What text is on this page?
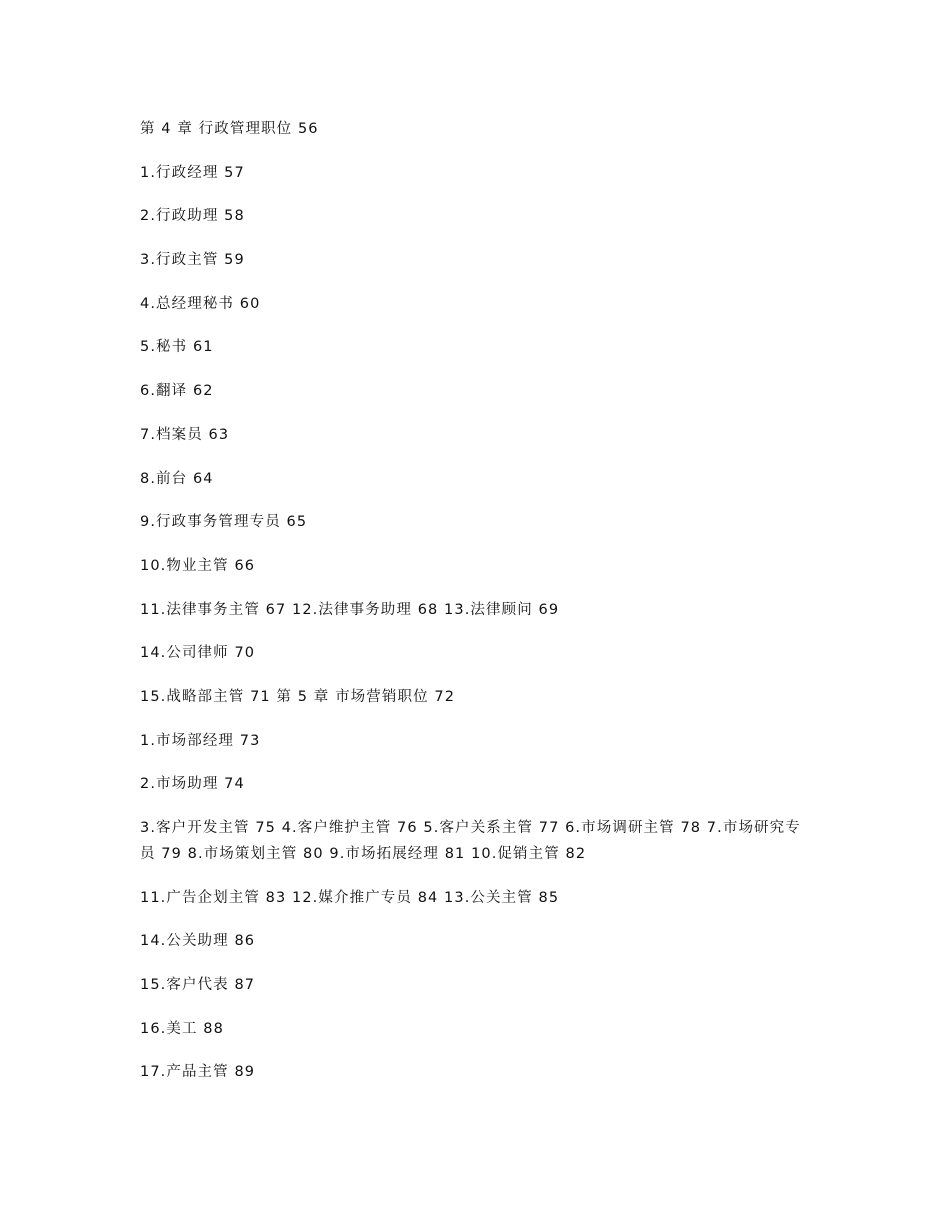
第 4 章 行政管理职位 56
1.行政经理 57
2.行政助理 58
3.行政主管 59
4.总经理秘书 60
5.秘书 61
6.翻译 62
7.档案员 63
8.前台 64
9.行政事务管理专员 65
10.物业主管 66
11.法律事务主管 67 12.法律事务助理 68 13.法律顾问 69
14.公司律师 70
15.战略部主管 71 第 5 章 市场营销职位 72
1.市场部经理 73
2.市场助理 74
3.客户开发主管 75 4.客户维护主管 76 5.客户关系主管 77 6.市场调研主管 78 7.市场研究专员 79 8.市场策划主管 80 9.市场拓展经理 81 10.促销主管 82
11.广告企划主管 83 12.媒介推广专员 84 13.公关主管 85
14.公关助理 86
15.客户代表 87
16.美工 88
17.产品主管 89
